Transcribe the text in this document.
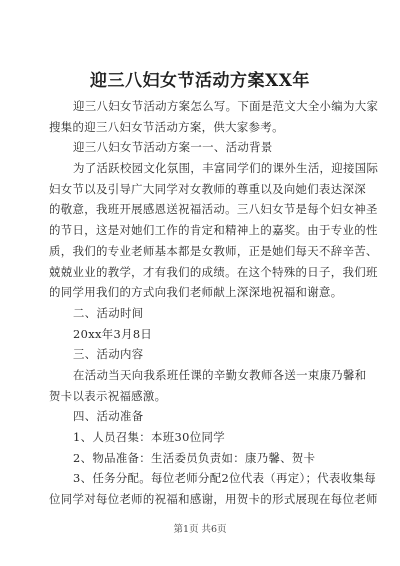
迎三八妇女节活动方案XX年
迎三八妇女节活动方案怎么写。下面是范文大全小编为大家
搜集的迎三八妇女节活动方案，供大家参考。
迎三八妇女节活动方案一一、活动背景
为了活跃校园文化氛围，丰富同学们的课外生活，迎接国际
妇女节以及引导广大同学对女教师的尊重以及向她们表达深深
的敬意，我班开展感恩送祝福活动。三八妇女节是每个妇女神圣
的节日，这是对她们工作的肯定和精神上的嘉奖。由于专业的性
质，我们的专业老师基本都是女教师，正是她们每天不辞辛苦、
兢兢业业的教学，才有我们的成绩。在这个特殊的日子，我们班
的同学用我们的方式向我们老师献上深深地祝福和谢意。
二、活动时间
20xx年3月8日
三、活动内容
在活动当天向我系班任课的辛勤女教师各送一束康乃馨和
贺卡以表示祝福感激。
四、活动准备
1、人员召集：本班30位同学
2、物品准备：生活委员负责如：康乃馨、贺卡
3、任务分配。每位老师分配2位代表（再定）；代表收集每
位同学对每位老师的祝福和感谢，用贺卡的形式展现在每位老师
第1页 共6页
